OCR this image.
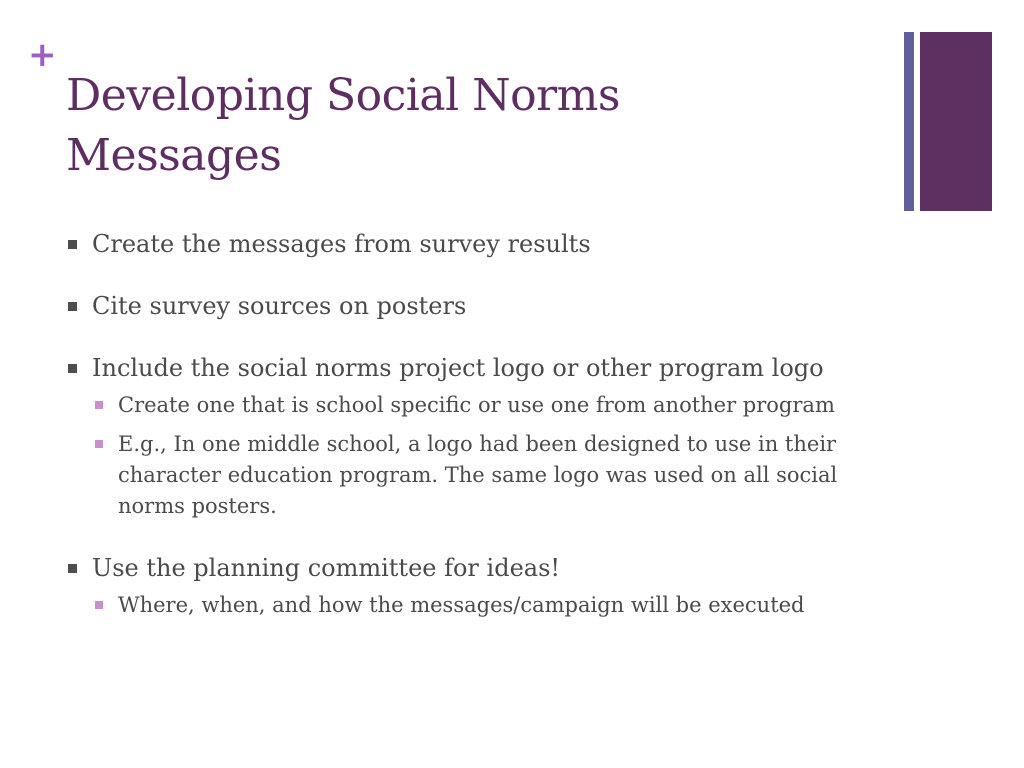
+
Developing Social Norms
Messages
Create the messages from survey results
Cite survey sources on posters
Include the social norms project logo or other program logo
Create one that is school specific or use one from another program
E.g., In one middle school, a logo had been designed to use in their character education program. The same logo was used on all social norms posters.
Use the planning committee for ideas!
Where, when, and how the messages/campaign will be executed
